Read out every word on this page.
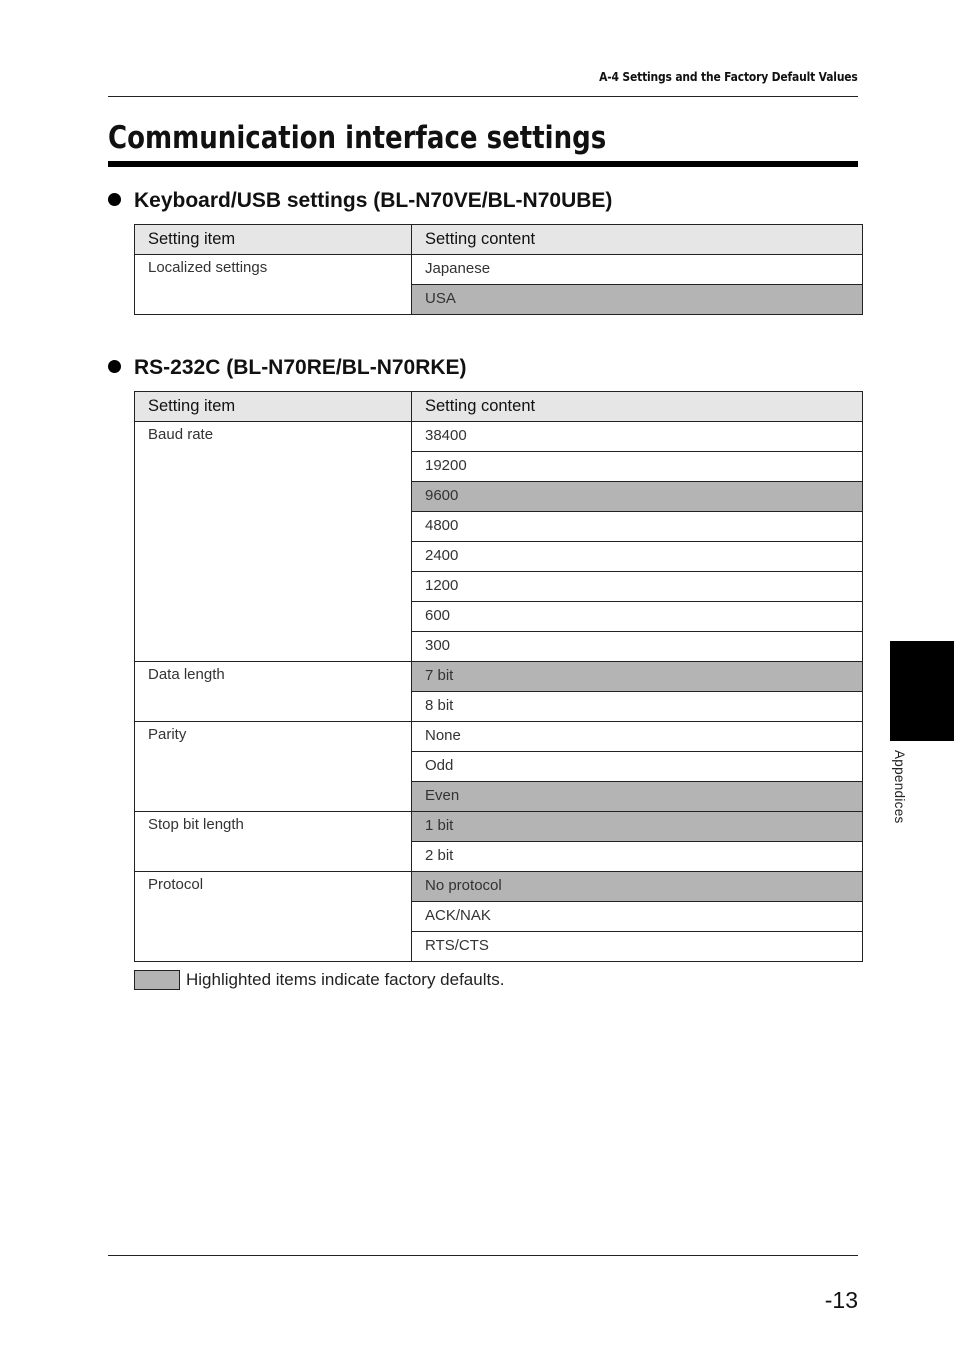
A-4 Settings and the Factory Default Values
Communication interface settings
Keyboard/USB settings (BL-N70VE/BL-N70UBE)
Setting item	Setting content
Localized settings	Japanese
	USA
RS-232C (BL-N70RE/BL-N70RKE)
Setting item	Setting content
Baud rate	38400
	19200
	9600
	4800
	2400
	1200
	600
	300
Data length	7 bit
	8 bit
Parity	None
	Odd
	Even
Stop bit length	1 bit
	2 bit
Protocol	No protocol
	ACK/NAK
	RTS/CTS
Highlighted items indicate factory defaults.
Appendices
-13
